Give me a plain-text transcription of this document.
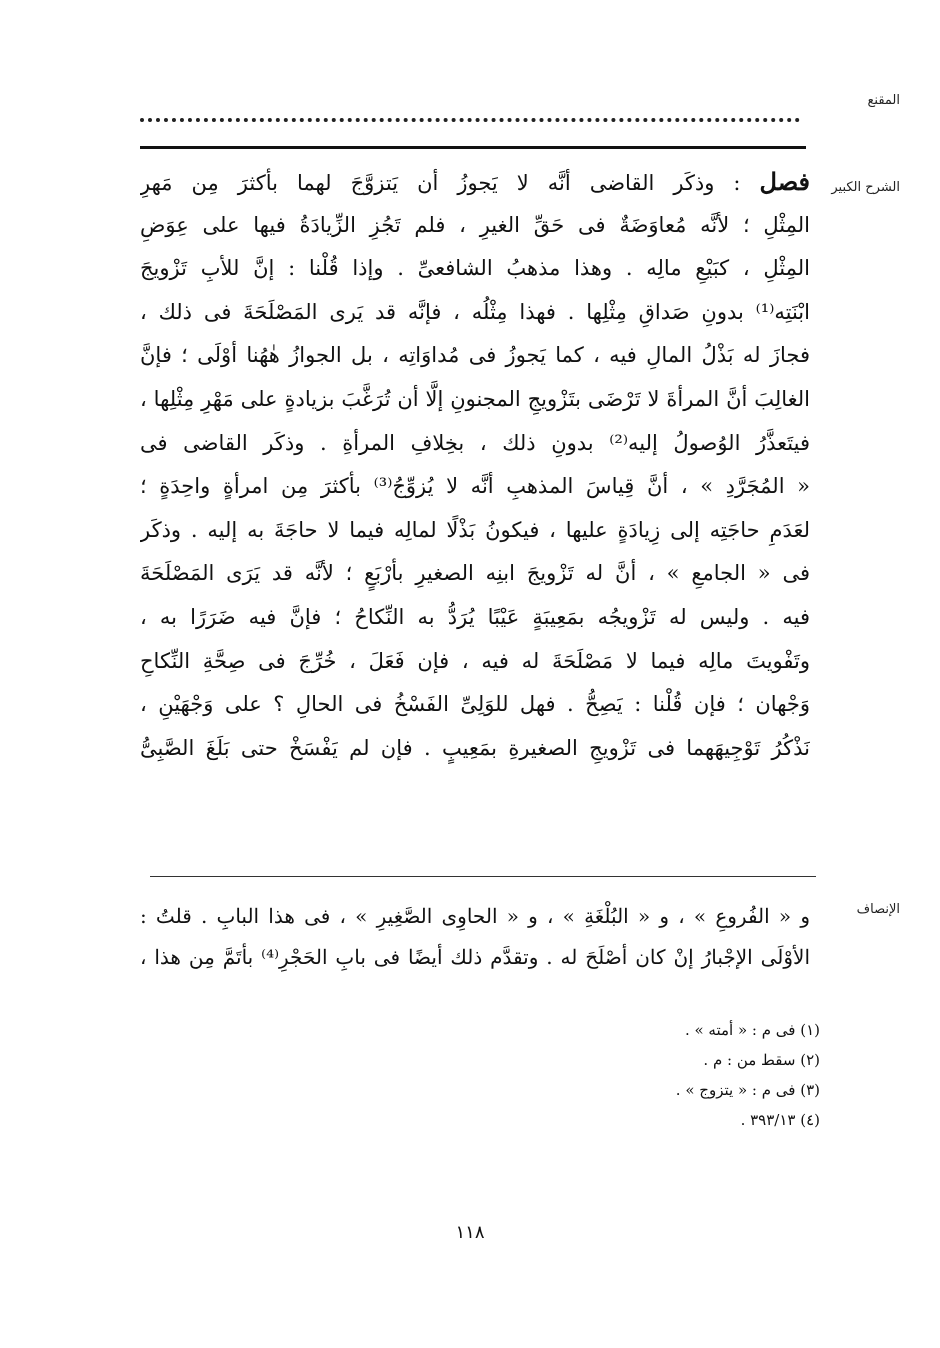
المقنع
الشرح الكبير
فصل : وذكَر القاضى أنَّه لا يَجوزُ أن يَتزوَّجَ لهما بأكثرَ مِن مَهرِ
المِثْلِ ؛ لأنَّه مُعاوَضَةٌ فى حَقِّ الغيرِ ، فلم تَجُزِ الزِّيادَةُ فيها على عِوَضِ
المِثْلِ ، كبَيْعِ مالِه . وهذا مذهبُ الشافعىِّ . وإذا قُلْنا : إنَّ للأبِ تَزْويجَ
ابْنَتِه⁽¹⁾ بدونِ صَداقِ مِثْلِها . فهذا مِثْلُه ، فإنَّه قد يَرى المَصْلَحَةَ فى ذلك ،
فجازَ له بَذْلُ المالِ فيه ، كما يَجوزُ فى مُداوَاتِه ، بل الجوازُ هٰهُنا أوْلَى ؛ فإنَّ
الغالِبَ أنَّ المرأةَ لا تَرْضَى بتَزْويجِ المجنونِ إلَّا أن تُرَغَّبَ بزيادةٍ على مَهْرِ مِثْلِها ،
فيتَعذَّرُ الوُصولُ إليه⁽²⁾ بدونِ ذلك ، بخِلافِ المرأةِ . وذكَر القاضى فى
« المُجَرَّدِ » ، أنَّ قِياسَ المذهبِ أنَّه لا يُزوِّجُ⁽³⁾ بأكثرَ مِن امرأةٍ واحِدَةٍ ؛
لعَدَمِ حاجَتِه إلى زِيادَةٍ عليها ، فيكونُ بَذْلًا لمالِه فيما لا حاجَةَ به إليه . وذكَر
فى « الجامعِ » ، أنَّ له تَزْويجَ ابنِه الصغيرِ بأرْبَعٍ ؛ لأنَّه قد يَرَى المَصْلَحَةَ
فيه . وليس له تَزْويجُه بمَعِيبَةٍ عَيْبًا يُرَدُّ به النِّكاحُ ؛ فإنَّ فيه ضَرَرًا به ،
وتَفْويتَ مالِه فيما لا مَصْلَحَةَ له فيه ، فإن فَعَلَ ، خُرِّجَ فى صِحَّةِ النِّكاحِ
وَجْهان ؛ فإن قُلْنا : يَصِحُّ . فهل للوَلِىِّ الفَسْخُ فى الحالِ ؟ على وَجْهَيْنِ ،
نَذْكُرُ تَوْجِيهَهما فى تَزْويجِ الصغيرةِ بمَعِيبٍ . فإن لم يَفْسَخْ حتى بَلَغَ الصَّبِىُّ
الإنصاف
و « الفُروعِ » ، و « البُلْغَةِ » ، و « الحاوِى الصَّغِيرِ » ، فى هذا البابِ . قلتُ :
الأوْلَى الإجْبارُ إنْ كان أصْلَحَ له . وتقدَّم ذلك أيضًا فى بابِ الحَجْرِ⁽⁴⁾ بأتَمَّ مِن هذا ،
(١) فى م : « أمته » .
(٢) سقط من : م .
(٣) فى م : « يتزوج » .
(٤) ٣٩٣/١٣ .
١١٨
